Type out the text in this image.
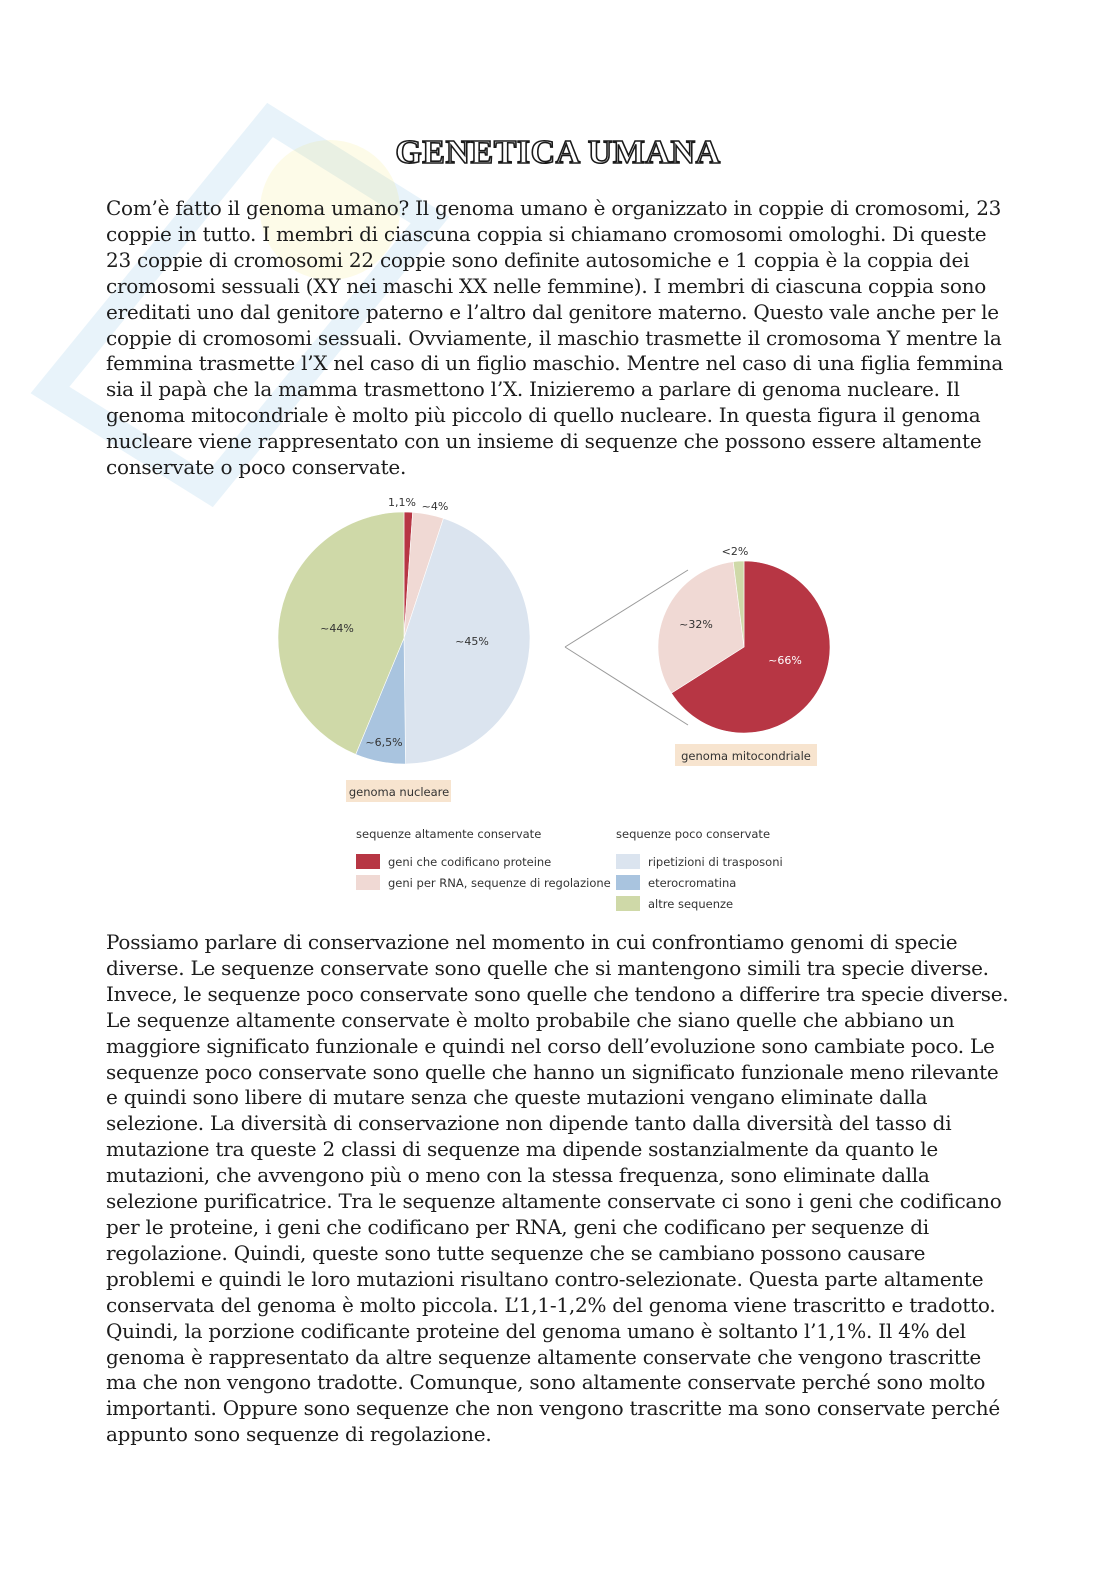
GENETICA UMANA

Com’è fatto il genoma umano? Il genoma umano è organizzato in coppie di cromosomi, 23 coppie in tutto. I membri di ciascuna coppia si chiamano cromosomi omologhi. Di queste 23 coppie di cromosomi 22 coppie sono definite autosomiche e 1 coppia è la coppia dei cromosomi sessuali (XY nei maschi XX nelle femmine). I membri di ciascuna coppia sono ereditati uno dal genitore paterno e l’altro dal genitore materno. Questo vale anche per le coppie di cromosomi sessuali. Ovviamente, il maschio trasmette il cromosoma Y mentre la femmina trasmette l’X nel caso di un figlio maschio. Mentre nel caso di una figlia femmina sia il papà che la mamma trasmettono l’X. Inizieremo a parlare di genoma nucleare. Il genoma mitocondriale è molto più piccolo di quello nucleare. In questa figura il genoma nucleare viene rappresentato con un insieme di sequenze che possono essere altamente conservate o poco conservate.

1,1% ~4%
~45%
~6,5%
~44%
~66%
~32%
<2%
genoma nucleare
genoma mitocondriale
sequenze altamente conservate	sequenze poco conservate
geni che codificano proteine
geni per RNA, sequenze di regolazione
ripetizioni di trasposoni
eterocromatina
altre sequenze

Possiamo parlare di conservazione nel momento in cui confrontiamo genomi di specie diverse. Le sequenze conservate sono quelle che si mantengono simili tra specie diverse. Invece, le sequenze poco conservate sono quelle che tendono a differire tra specie diverse. Le sequenze altamente conservate è molto probabile che siano quelle che abbiano un maggiore significato funzionale e quindi nel corso dell’evoluzione sono cambiate poco. Le sequenze poco conservate sono quelle che hanno un significato funzionale meno rilevante e quindi sono libere di mutare senza che queste mutazioni vengano eliminate dalla selezione. La diversità di conservazione non dipende tanto dalla diversità del tasso di mutazione tra queste 2 classi di sequenze ma dipende sostanzialmente da quanto le mutazioni, che avvengono più o meno con la stessa frequenza, sono eliminate dalla selezione purificatrice. Tra le sequenze altamente conservate ci sono i geni che codificano per le proteine, i geni che codificano per RNA, geni che codificano per sequenze di regolazione. Quindi, queste sono tutte sequenze che se cambiano possono causare problemi e quindi le loro mutazioni risultano contro-selezionate. Questa parte altamente conservata del genoma è molto piccola. L’1,1-1,2% del genoma viene trascritto e tradotto. Quindi, la porzione codificante proteine del genoma umano è soltanto l’1,1%. Il 4% del genoma è rappresentato da altre sequenze altamente conservate che vengono trascritte ma che non vengono tradotte. Comunque, sono altamente conservate perché sono molto importanti. Oppure sono sequenze che non vengono trascritte ma sono conservate perché appunto sono sequenze di regolazione.
